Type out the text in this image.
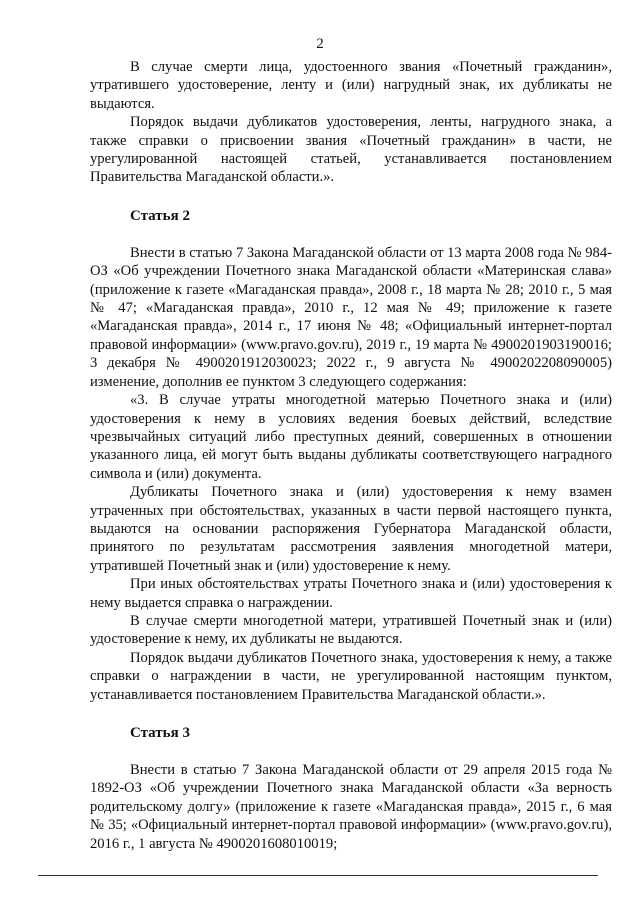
2

В случае смерти лица, удостоенного звания «Почетный гражданин», утратившего удостоверение, ленту и (или) нагрудный знак, их дубликаты не выдаются.

Порядок выдачи дубликатов удостоверения, ленты, нагрудного знака, а также справки о присвоении звания «Почетный гражданин» в части, не урегулированной настоящей статьей, устанавливается постановлением Правительства Магаданской области.».

Статья 2

Внести в статью 7 Закона Магаданской области от 13 марта 2008 года № 984-ОЗ «Об учреждении Почетного знака Магаданской области «Материнская слава» (приложение к газете «Магаданская правда», 2008 г., 18 марта № 28; 2010 г., 5 мая № 47; «Магаданская правда», 2010 г., 12 мая № 49; приложение к газете «Магаданская правда», 2014 г., 17 июня № 48; «Официальный интернет-портал правовой информации» (www.pravo.gov.ru), 2019 г., 19 марта № 4900201903190016; 3 декабря № 4900201912030023; 2022 г., 9 августа № 4900202208090005) изменение, дополнив ее пунктом 3 следующего содержания:

«3. В случае утраты многодетной матерью Почетного знака и (или) удостоверения к нему в условиях ведения боевых действий, вследствие чрезвычайных ситуаций либо преступных деяний, совершенных в отношении указанного лица, ей могут быть выданы дубликаты соответствующего наградного символа и (или) документа.

Дубликаты Почетного знака и (или) удостоверения к нему взамен утраченных при обстоятельствах, указанных в части первой настоящего пункта, выдаются на основании распоряжения Губернатора Магаданской области, принятого по результатам рассмотрения заявления многодетной матери, утратившей Почетный знак и (или) удостоверение к нему.

При иных обстоятельствах утраты Почетного знака и (или) удостоверения к нему выдается справка о награждении.

В случае смерти многодетной матери, утратившей Почетный знак и (или) удостоверение к нему, их дубликаты не выдаются.

Порядок выдачи дубликатов Почетного знака, удостоверения к нему, а также справки о награждении в части, не урегулированной настоящим пунктом, устанавливается постановлением Правительства Магаданской области.».

Статья 3

Внести в статью 7 Закона Магаданской области от 29 апреля 2015 года № 1892-ОЗ «Об учреждении Почетного знака Магаданской области «За верность родительскому долгу» (приложение к газете «Магаданская правда», 2015 г., 6 мая № 35; «Официальный интернет-портал правовой информации» (www.pravo.gov.ru), 2016 г., 1 августа № 4900201608010019;
